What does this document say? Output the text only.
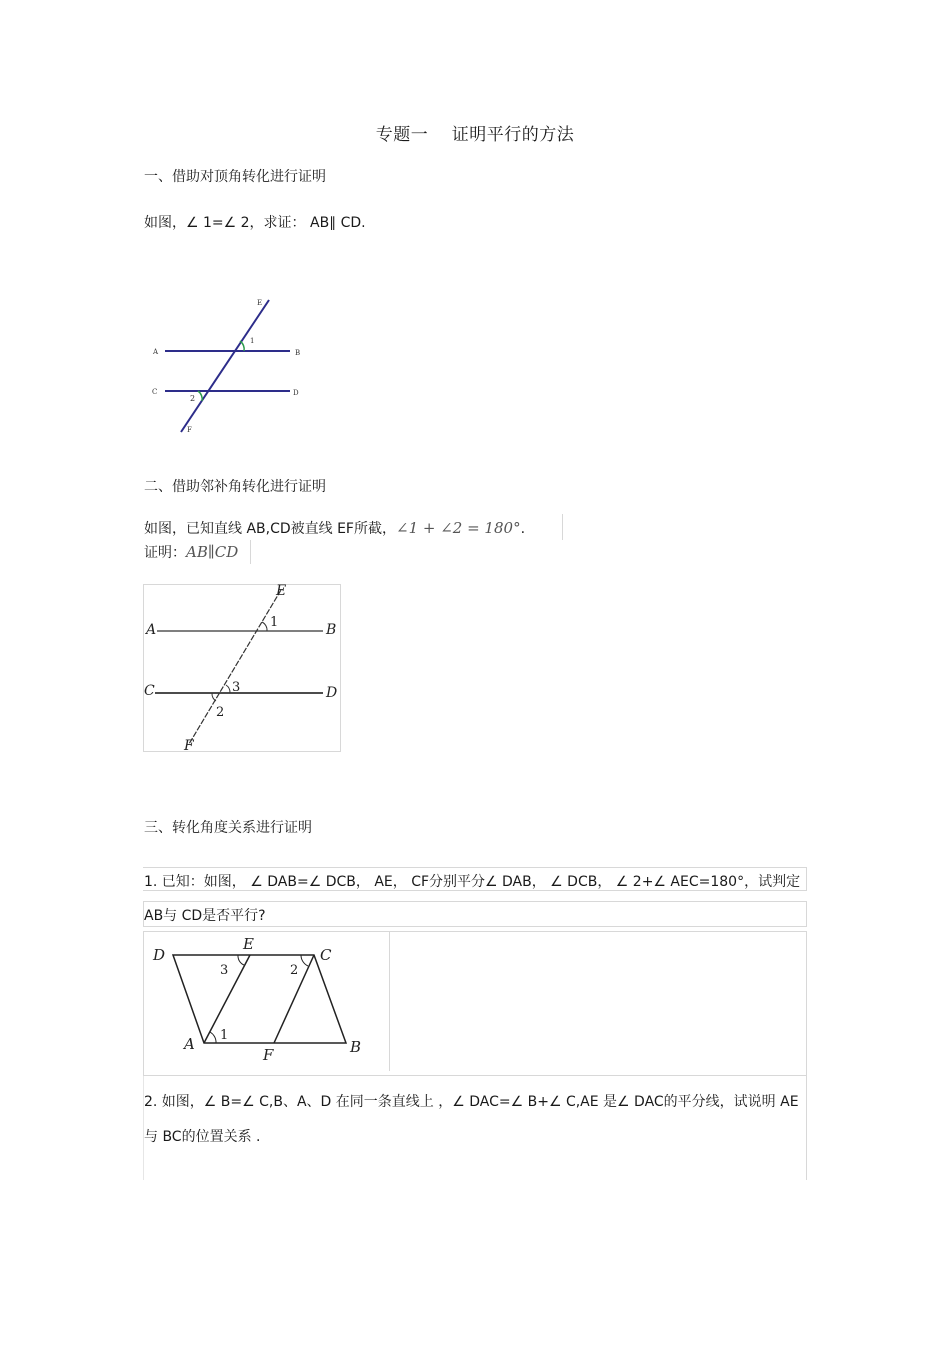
专题一　 证明平行的方法
一、借助对顶角转化进行证明
如图，∠ 1=∠ 2，求证： AB∥ CD.
A	B
C	D
E
F
1
2
二、借助邻补角转化进行证明
如图，已知直线 AB,CD被直线 EF所截，∠1 + ∠2 = 180°.
证明：AB∥CD
A	B
C	D
E
F
1
3
2
三、转化角度关系进行证明
1. 已知：如图， ∠ DAB=∠ DCB， AE， CF分别平分∠ DAB， ∠ DCB， ∠ 2+∠ AEC=180°，试判定
AB与 CD是否平行?
D
E
C
A
F	B
3	2
1
2. 如图，∠ B=∠ C,B、A、D 在同一条直线上 ，∠ DAC=∠ B+∠ C,AE 是∠ DAC的平分线，试说明 AE
与 BC的位置关系 .
